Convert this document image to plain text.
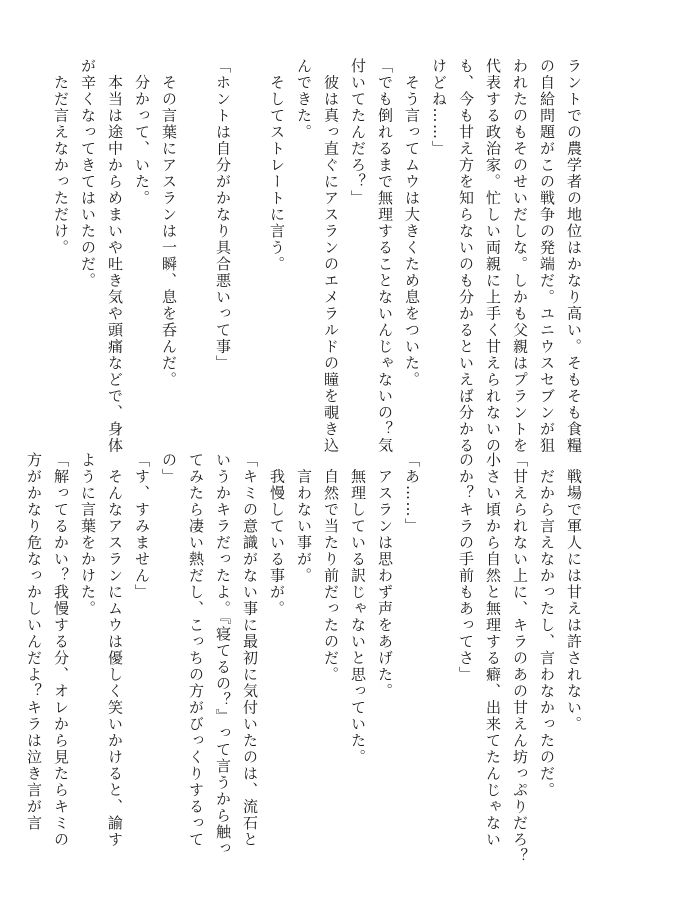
ラントでの農学者の地位はかなり高い。そもそも食糧
の自給問題がこの戦争の発端だ。ユニウスセブンが狙
われたのもそのせいだしな。しかも父親はプラントを
代表する政治家。忙しい両親に上手く甘えられないの
も、今も甘え方を知らないのも分かるといえば分かる
けどね……」
　そう言ってムウは大きくため息をついた。
「でも倒れるまで無理することないんじゃないの？気
付いてたんだろ？」
　彼は真っ直ぐにアスランのエメラルドの瞳を覗き込
んできた。
　そしてストレートに言う。

「ホントは自分がかなり具合悪いって事」

　その言葉にアスランは一瞬、息を呑んだ。
　分かって、いた。
　本当は途中からめまいや吐き気や頭痛などで、身体
が辛くなってきてはいたのだ。
　ただ言えなかっただけ。
　戦場で軍人には甘えは許されない。
　だから言えなかったし、言わなかったのだ。
「甘えられない上に、キラのあの甘えん坊っぷりだろ？
小さい頃から自然と無理する癖、出来てたんじゃない
のか？キラの手前もあってさ」

「あ……」
　アスランは思わず声をあげた。
　無理している訳じゃないと思っていた。
　自然で当たり前だったのだ。
　言わない事が。
　我慢している事が。
「キミの意識がない事に最初に気付いたのは、流石と
いうかキラだったよ。『寝てるの？』って言うから触っ
てみたら凄い熱だし、こっちの方がびっくりするって
の」
「す、すみません」
　そんなアスランにムウは優しく笑いかけると、諭す
ように言葉をかけた。
「解ってるかい？我慢する分、オレから見たらキミの
方がかなり危なっかしいんだよ？キラは泣き言が言
